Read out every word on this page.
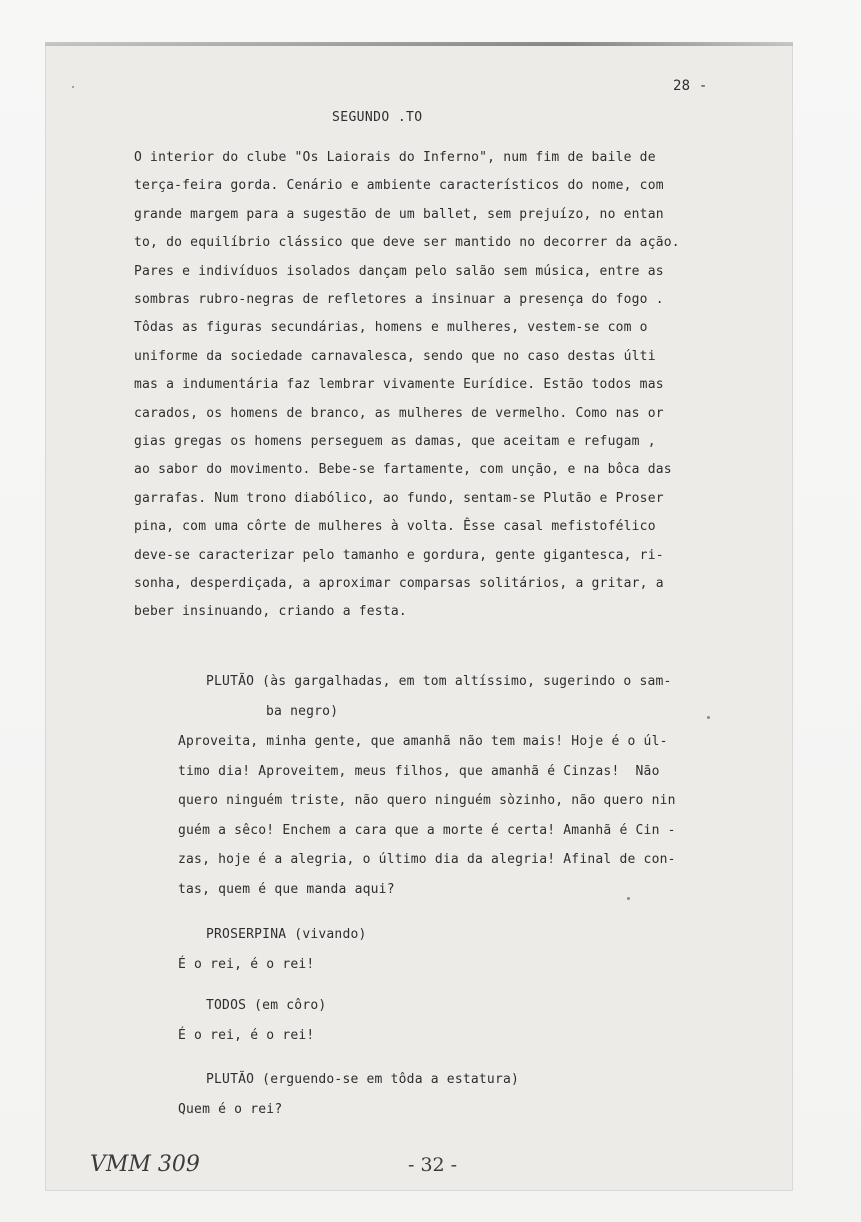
28 -
SEGUNDO .TO
O interior do clube "Os Laiorais do Inferno", num fim de baile de
terça-feira gorda. Cenário e ambiente característicos do nome, com
grande margem para a sugestão de um ballet, sem prejuízo, no entan
to, do equilíbrio clássico que deve ser mantido no decorrer da ação.
Pares e indivíduos isolados dançam pelo salão sem música, entre as
sombras rubro-negras de refletores a insinuar a presença do fogo .
Tôdas as figuras secundárias, homens e mulheres, vestem-se com o
uniforme da sociedade carnavalesca, sendo que no caso destas últi
mas a indumentária faz lembrar vivamente Eurídice. Estão todos mas
carados, os homens de branco, as mulheres de vermelho. Como nas or
gias gregas os homens perseguem as damas, que aceitam e refugam ,
ao sabor do movimento. Bebe-se fartamente, com unção, e na bôca das
garrafas. Num trono diabólico, ao fundo, sentam-se Plutão e Proser
pina, com uma côrte de mulheres à volta. Êsse casal mefistofélico
deve-se caracterizar pelo tamanho e gordura, gente gigantesca, ri-
sonha, desperdiçada, a aproximar comparsas solitários, a gritar, a
beber insinuando, criando a festa.
PLUTÃO (às gargalhadas, em tom altíssimo, sugerindo o sam-
ba negro)
Aproveita, minha gente, que amanhã não tem mais! Hoje é o úl-
timo dia! Aproveitem, meus filhos, que amanhã é Cinzas!  Não
quero ninguém triste, não quero ninguém sòzinho, não quero nin
guém a sêco! Enchem a cara que a morte é certa! Amanhã é Cin -
zas, hoje é a alegria, o último dia da alegria! Afinal de con-
tas, quem é que manda aqui?
PROSERPINA (vivando)
É o rei, é o rei!
TODOS (em côro)
É o rei, é o rei!
PLUTÃO (erguendo-se em tôda a estatura)
Quem é o rei?
VMM 309	- 32 -
